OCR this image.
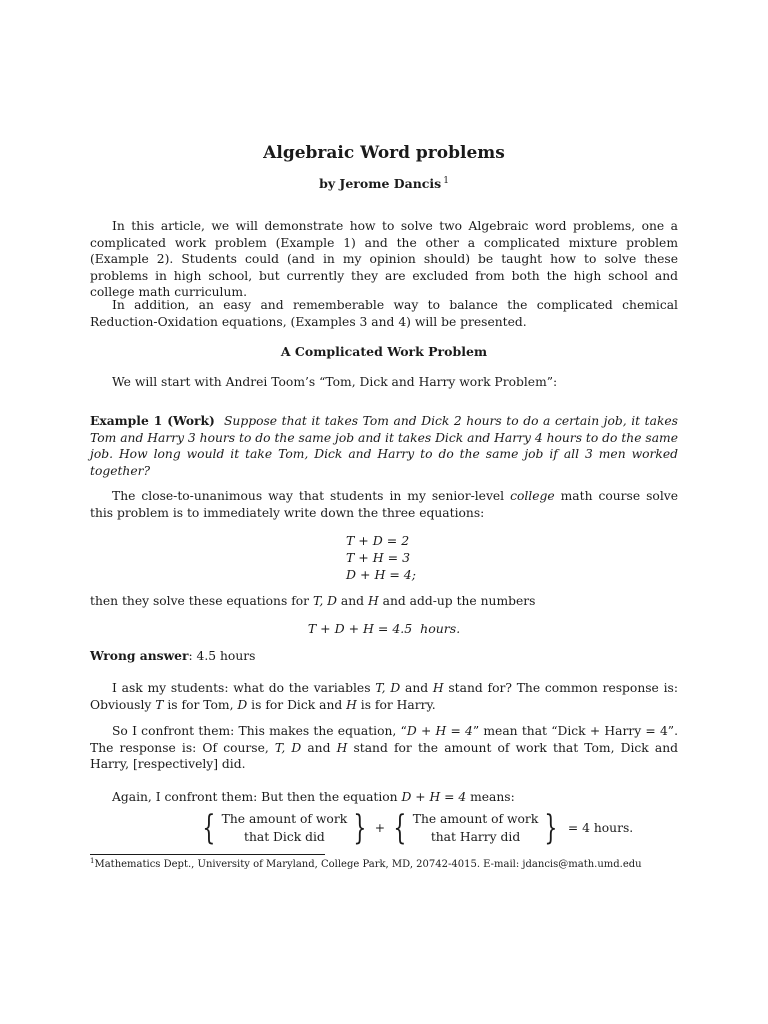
Algebraic Word problems
by Jerome Dancis $^1$
In this article, we will demonstrate how to solve two Algebraic word problems, one a complicated work problem (Example 1) and the other a complicated mixture problem (Example 2). Students could (and in my opinion should) be taught how to solve these problems in high school, but currently they are excluded from both the high school and college math curriculum.
In addition, an easy and rememberable way to balance the complicated chemical Reduction-Oxidation equations, (Examples 3 and 4) will be presented.
A Complicated Work Problem
We will start with Andrei Toom’s “Tom, Dick and Harry work Problem”:
Example 1 (Work) Suppose that it takes Tom and Dick 2 hours to do a certain job, it takes Tom and Harry 3 hours to do the same job and it takes Dick and Harry 4 hours to do the same job. How long would it take Tom, Dick and Harry to do the same job if all 3 men worked together?
The close-to-unanimous way that students in my senior-level college math course solve this problem is to immediately write down the three equations:
T + D = 2
T + H = 3
D + H = 4;
then they solve these equations for T, D and H and add-up the numbers
T + D + H = 4.5 hours.
Wrong answer: 4.5 hours
I ask my students: what do the variables T, D and H stand for? The common response is: Obviously T is for Tom, D is for Dick and H is for Harry.
So I confront them: This makes the equation, “D + H = 4” mean that “Dick + Harry = 4”. The response is: Of course, T, D and H stand for the amount of work that Tom, Dick and Harry, [respectively] did.
Again, I confront them: But then the equation D + H = 4 means:
{ The amount of work
that Dick did } + { The amount of work
that Harry did } = 4 hours.
$^1$Mathematics Dept., University of Maryland, College Park, MD, 20742-4015. E-mail: jdancis@math.umd.edu
